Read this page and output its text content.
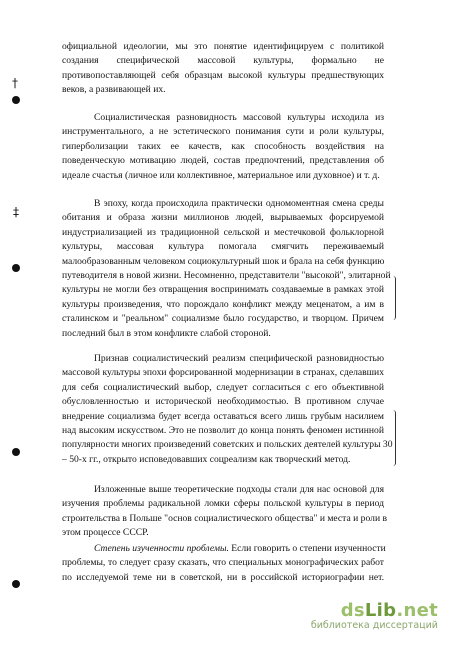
†
‡
официальной идеологии, мы это понятие идентифицируем с политикой
создания специфической массовой культуры, формально не
противопоставляющей себя образцам высокой культуры предшествующих
веков, а развивающей их.
Социалистическая разновидность массовой культуры исходила из
инструментального, а не эстетического понимания сути и роли культуры,
гиперболизации таких ее качеств, как способность воздействия на
поведенческую мотивацию людей, состав предпочтений, представления об
идеале счастья (личное или коллективное, материальное или духовное) и т. д.
В эпоху, когда происходила практически одномоментная смена среды
обитания и образа жизни миллионов людей, вырываемых форсируемой
индустриализацией из традиционной сельской и местечковой фольклорной
культуры, массовая культура помогала смягчить переживаемый
малообразованным человеком социокультурный шок и брала на себя функцию
путеводителя в новой жизни. Несомненно, представители "высокой", элитарной
культуры не могли без отвращения воспринимать создаваемые в рамках этой
культуры произведения, что порождало конфликт между меценатом, а им в
сталинском и "реальном" социализме было государство, и творцом. Причем
последний был в этом конфликте слабой стороной.
Признав социалистический реализм специфической разновидностью
массовой культуры эпохи форсированной модернизации в странах, сделавших
для себя социалистический выбор, следует согласиться с его объективной
обусловленностью и исторической необходимостью. В противном случае
внедрение социализма будет всегда оставаться всего лишь грубым насилием
над высоким искусством. Это не позволит до конца понять феномен истинной
популярности многих произведений советских и польских деятелей культуры 30
– 50-х гг., открыто исповедовавших соцреализм как творческий метод.
Изложенные выше теоретические подходы стали для нас основой для
изучения проблемы радикальной ломки сферы польской культуры в период
строительства в Польше "основ социалистического общества" и места и роли в
этом процессе СССР.
Степень изученности проблемы. Если говорить о степени изученности
проблемы, то следует сразу сказать, что специальных монографических работ
по исследуемой теме ни в советской, ни в российской историографии нет.
dsLib.net
библиотека диссертаций
